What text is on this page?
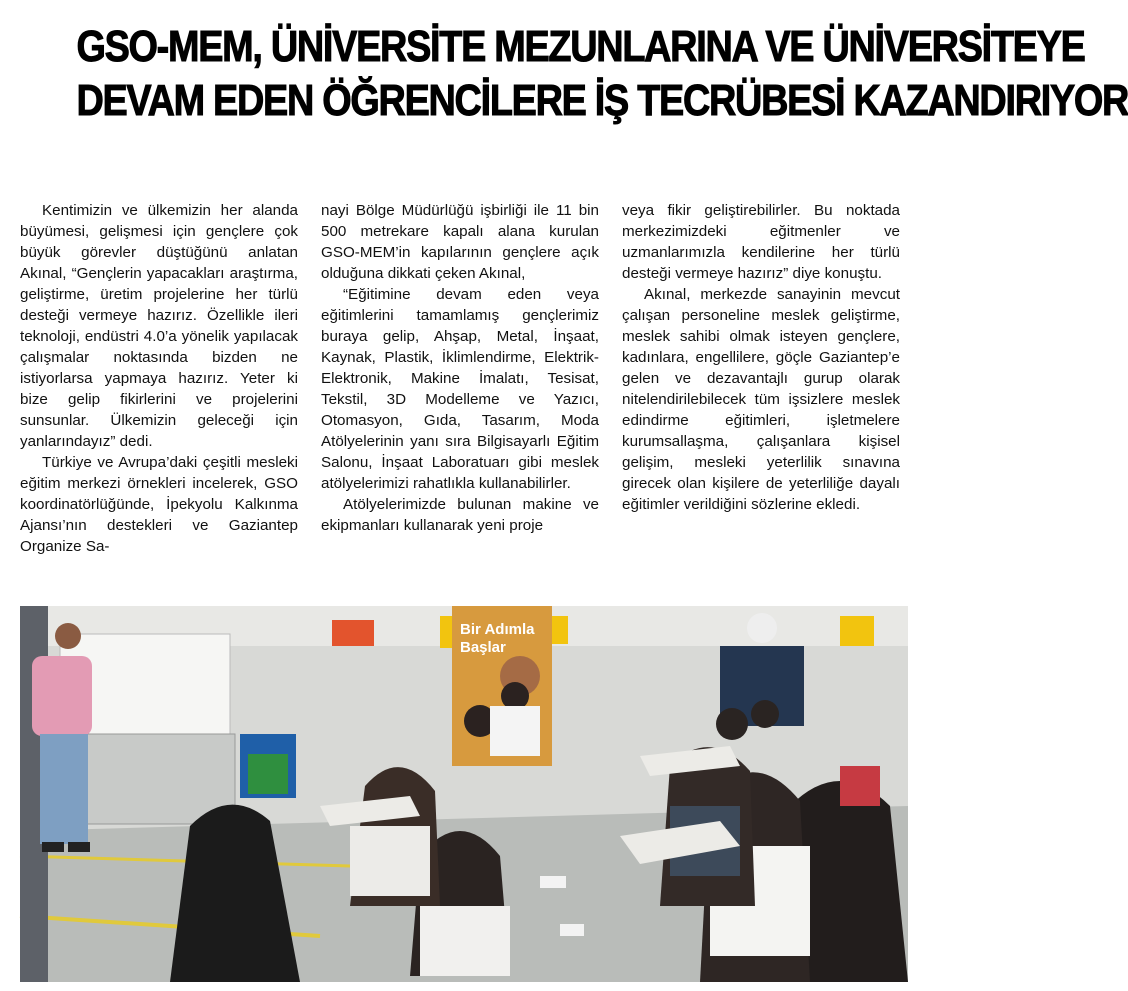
GSO-MEM, ÜNİVERSİTE MEZUNLARINA VE ÜNİVERSİTEYE
DEVAM EDEN ÖĞRENCİLERE İŞ TECRÜBESİ KAZANDIRIYOR

Kentimizin ve ülkemizin her alanda büyümesi, gelişmesi için gençlere çok büyük görevler düştüğünü anlatan Akınal, “Gençlerin yapacakları araştırma, geliştirme, üretim projelerine her türlü desteği vermeye hazırız. Özellikle ileri teknoloji, endüstri 4.0’a yönelik yapılacak çalışmalar noktasında bizden ne istiyorlarsa yapmaya hazırız. Yeter ki bize gelip fikirlerini ve projelerini sunsunlar. Ülkemizin geleceği için yanlarındayız” dedi.

Türkiye ve Avrupa’daki çeşitli mesleki eğitim merkezi örnekleri incelerek, GSO koordinatörlüğünde, İpekyolu Kalkınma Ajansı’nın destekleri ve Gaziantep Organize Sa-

nayi Bölge Müdürlüğü işbirliği ile 11 bin 500 metrekare kapalı alana kurulan GSO-MEM’in kapılarının gençlere açık olduğuna dikkati çeken Akınal,

“Eğitimine devam eden veya eğitimlerini tamamlamış gençlerimiz buraya gelip, Ahşap, Metal, İnşaat, Kaynak, Plastik, İklimlendirme, Elektrik-Elektronik, Makine İmalatı, Tesisat, Tekstil, 3D Modelleme ve Yazıcı, Otomasyon, Gıda, Tasarım, Moda Atölyelerinin yanı sıra Bilgisayarlı Eğitim Salonu, İnşaat Laboratuarı gibi meslek atölyelerimizi rahatlıkla kullanabilirler.

Atölyelerimizde bulunan makine ve ekipmanları kullanarak yeni proje

veya fikir geliştirebilirler. Bu noktada merkezimizdeki eğitmenler ve uzmanlarımızla kendilerine her türlü desteği vermeye hazırız” diye konuştu.

Akınal, merkezde sanayinin mevcut çalışan personeline meslek geliştirme, meslek sahibi olmak isteyen gençlere, kadınlara, engellilere, göçle Gaziantep’e gelen ve dezavantajlı gurup olarak nitelendirilebilecek tüm işsizlere meslek edindirme eğitimleri, işletmelere kurumsallaşma, çalışanlara kişisel gelişim, mesleki yeterlilik sınavına girecek olan kişilere de yeterliliğe dayalı eğitimler verildiğini sözlerine ekledi.

Bir Adımla
Başlar
